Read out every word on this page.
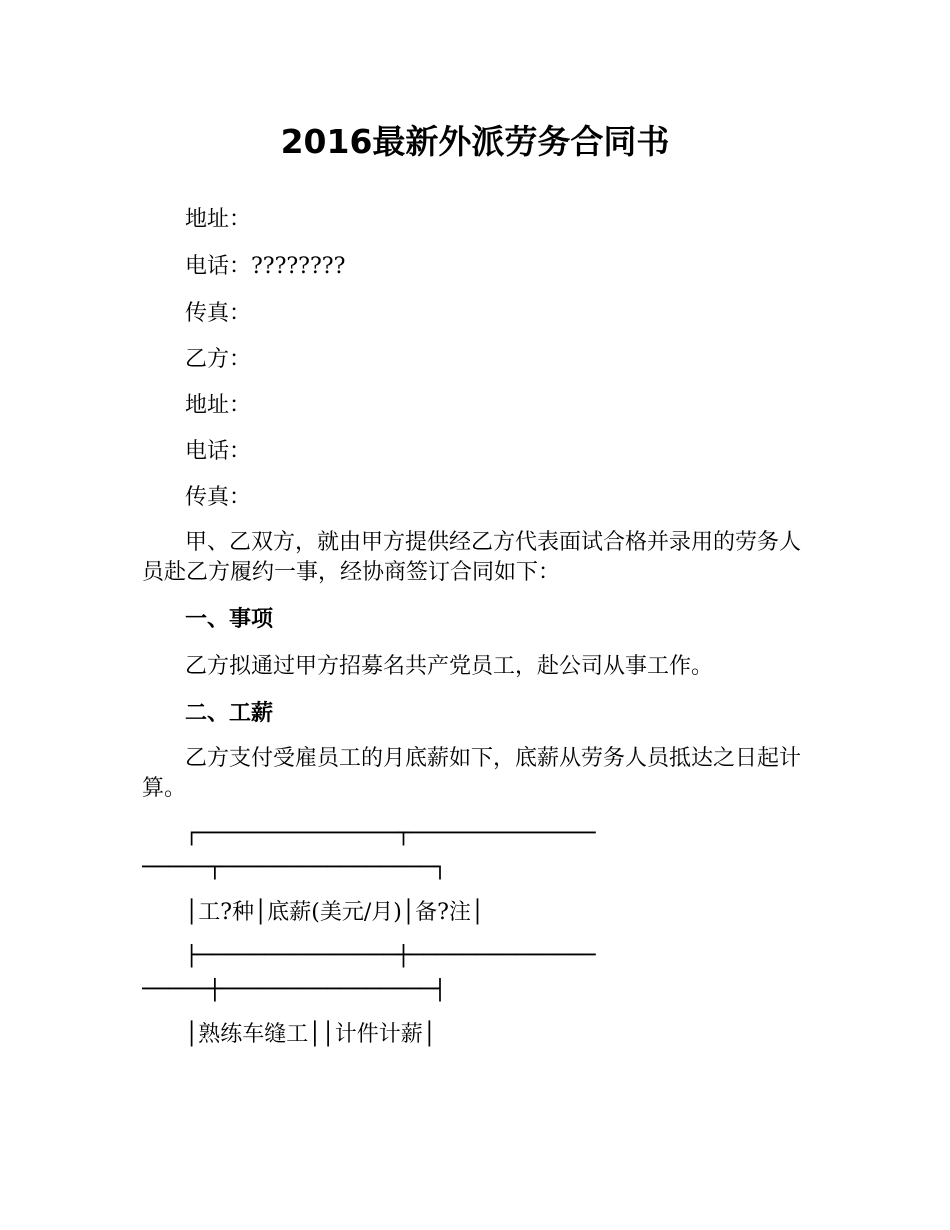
2016最新外派劳务合同书
地址：
电话：????????
传真：
乙方：
地址：
电话：
传真：

甲、乙双方，就由甲方提供经乙方代表面试合格并录用的劳务人员赴乙方履约一事，经协商签订合同如下：

一、事项
乙方拟通过甲方招募名共产党员工，赴公司从事工作。
二、工薪

乙方支付受雇员工的月底薪如下，底薪从劳务人员抵达之日起计算。

┌───────────────┬──────────────
─────┬────────────────┐
│工?种│底薪(美元/月)│备?注│
├───────────────┼──────────────
─────┼────────────────┤
│熟练车缝工││计件计薪│
